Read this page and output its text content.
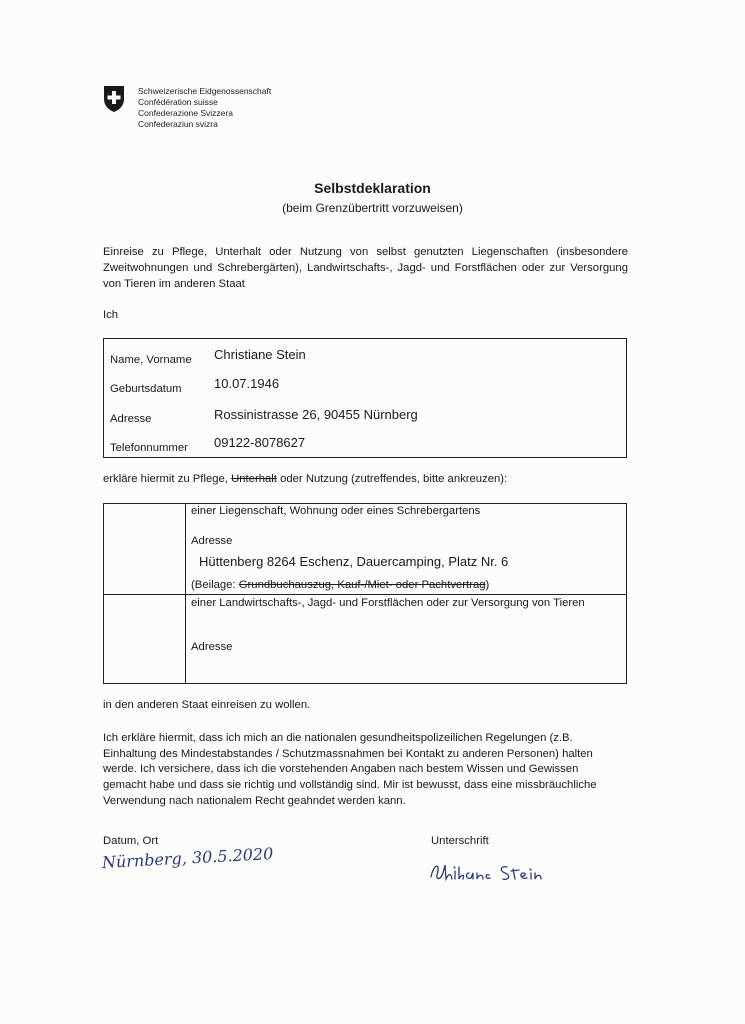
Schweizerische Eidgenossenschaft
Confédération suisse
Confederazione Svizzera
Confederaziun svizra
Selbstdeklaration
(beim Grenzübertritt vorzuweisen)
Einreise zu Pflege, Unterhalt oder Nutzung von selbst genutzten Liegenschaften (insbesondere Zweitwohnungen und Schrebergärten), Landwirtschafts-, Jagd- und Forstflächen oder zur Versorgung von Tieren im anderen Staat
Ich
Name, Vorname Christiane Stein
Geburtsdatum 10.07.1946
Adresse	Rossinistrasse 26, 90455 Nürnberg
Telefonnummer 09122-8078627
erkläre hiermit zu Pflege, Unterhalt oder Nutzung (zutreffendes, bitte ankreuzen):
einer Liegenschaft, Wohnung oder eines Schrebergartens
Adresse
Hüttenberg 8264 Eschenz, Dauercamping, Platz Nr. 6
(Beilage: Grundbuchauszug, Kauf-/Miet- oder Pachtvertrag)
einer Landwirtschafts-, Jagd- und Forstflächen oder zur Versorgung von Tieren
Adresse
in den anderen Staat einreisen zu wollen.
Ich erkläre hiermit, dass ich mich an die nationalen gesundheitspolizeilichen Regelungen (z.B. Einhaltung des Mindestabstandes / Schutzmassnahmen bei Kontakt zu anderen Personen) halten werde. Ich versichere, dass ich die vorstehenden Angaben nach bestem Wissen und Gewissen gemacht habe und dass sie richtig und vollständig sind. Mir ist bewusst, dass eine missbräuchliche Verwendung nach nationalem Recht geahndet werden kann.
Datum, Ort	Unterschrift
Nürnberg, 30.5.2020
